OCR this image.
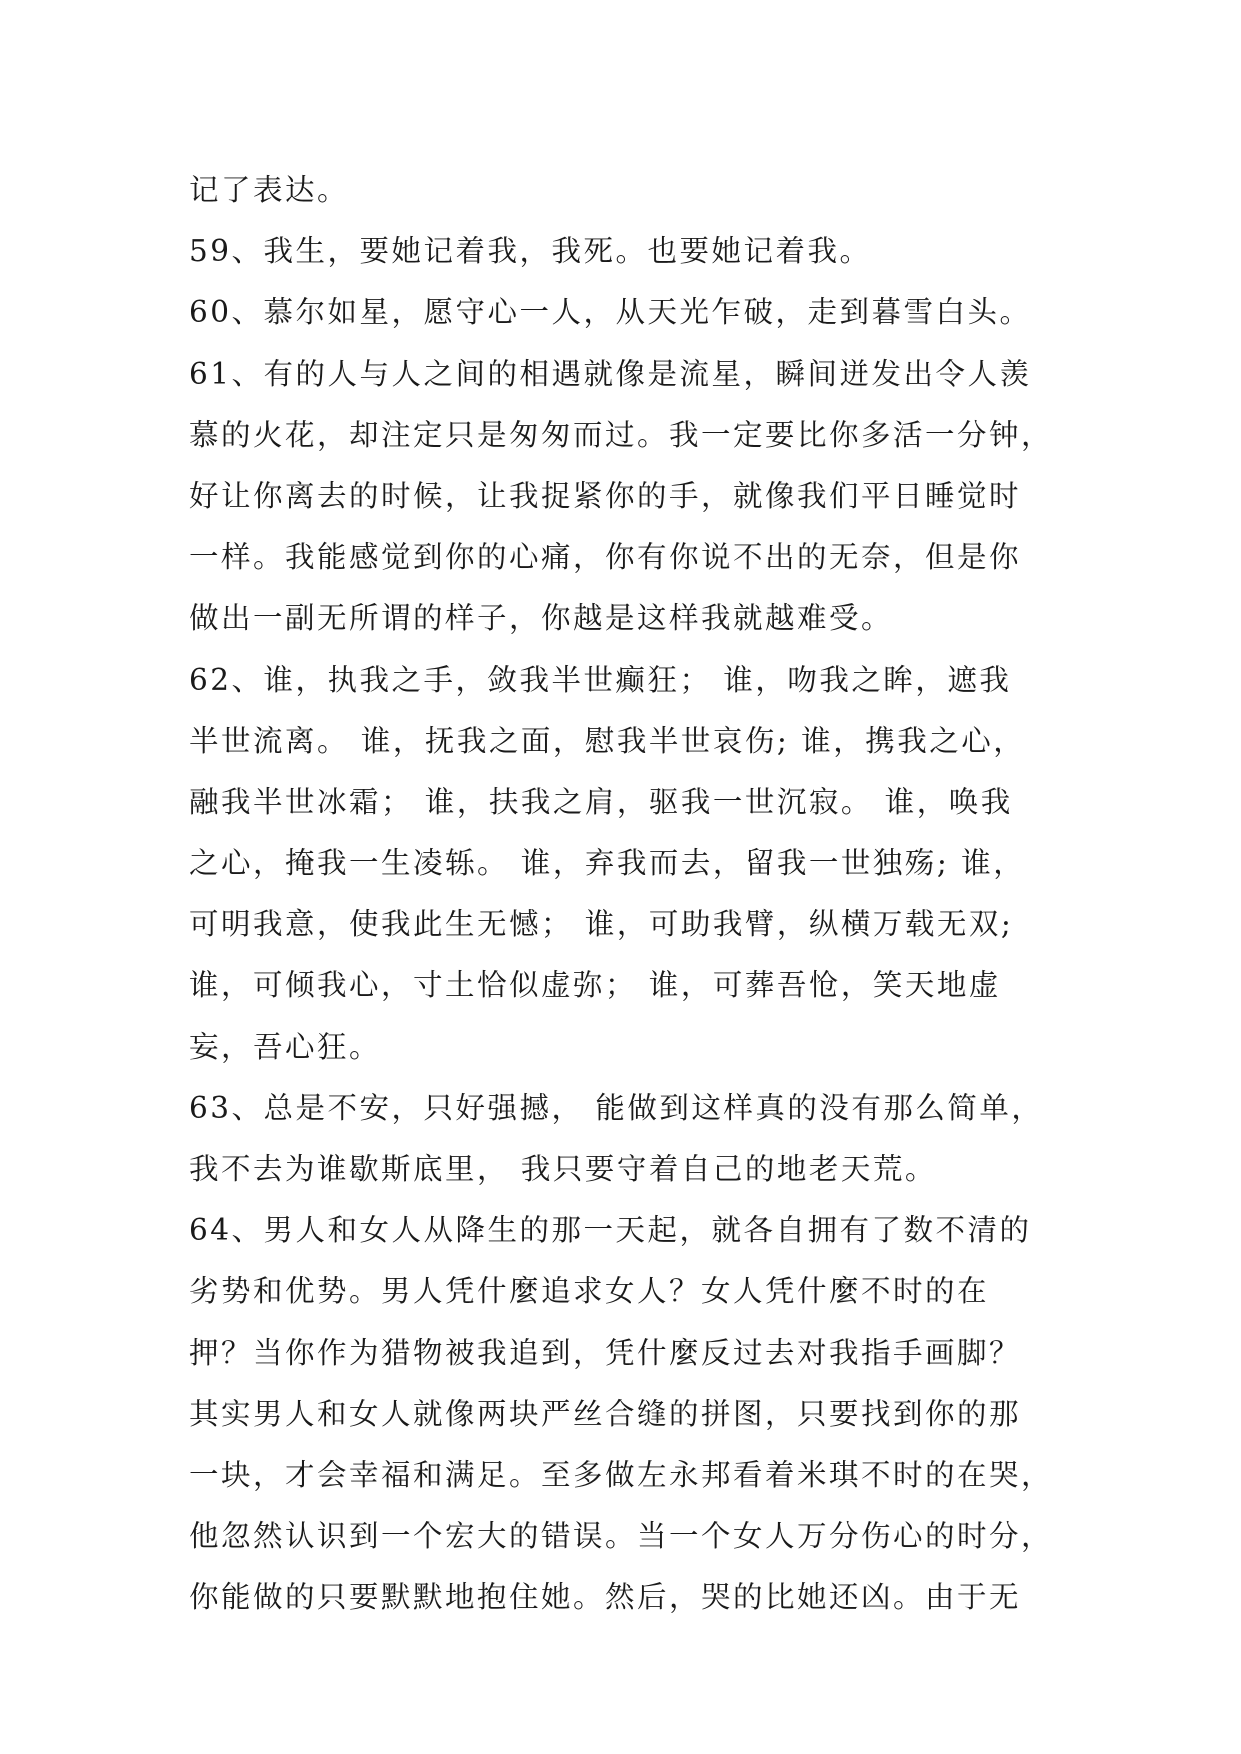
记了表达。
59、我生，要她记着我，我死。也要她记着我。
60、慕尔如星，愿守心一人，从天光乍破，走到暮雪白头。
61、有的人与人之间的相遇就像是流星，瞬间迸发出令人羡
慕的火花，却注定只是匆匆而过。我一定要比你多活一分钟，
好让你离去的时候，让我捉紧你的手，就像我们平日睡觉时
一样。我能感觉到你的心痛，你有你说不出的无奈，但是你
做出一副无所谓的样子，你越是这样我就越难受。
62、谁，执我之手，敛我半世癫狂； 谁，吻我之眸，遮我
半世流离。 谁，抚我之面，慰我半世哀伤; 谁，携我之心，
融我半世冰霜； 谁，扶我之肩，驱我一世沉寂。 谁，唤我
之心，掩我一生凌轹。 谁，弃我而去，留我一世独殇; 谁，
可明我意，使我此生无憾； 谁，可助我臂，纵横万载无双;
谁，可倾我心，寸土恰似虚弥； 谁，可葬吾怆，笑天地虚
妄，吾心狂。
63、总是不安，只好强撼， 能做到这样真的没有那么简单，
我不去为谁歇斯底里， 我只要守着自己的地老天荒。
64、男人和女人从降生的那一天起，就各自拥有了数不清的
劣势和优势。男人凭什麼追求女人？女人凭什麼不时的在
押？当你作为猎物被我追到，凭什麼反过去对我指手画脚？
其实男人和女人就像两块严丝合缝的拼图，只要找到你的那
一块，才会幸福和满足。至多做左永邦看着米琪不时的在哭，
他忽然认识到一个宏大的错误。当一个女人万分伤心的时分，
你能做的只要默默地抱住她。然后，哭的比她还凶。由于无
